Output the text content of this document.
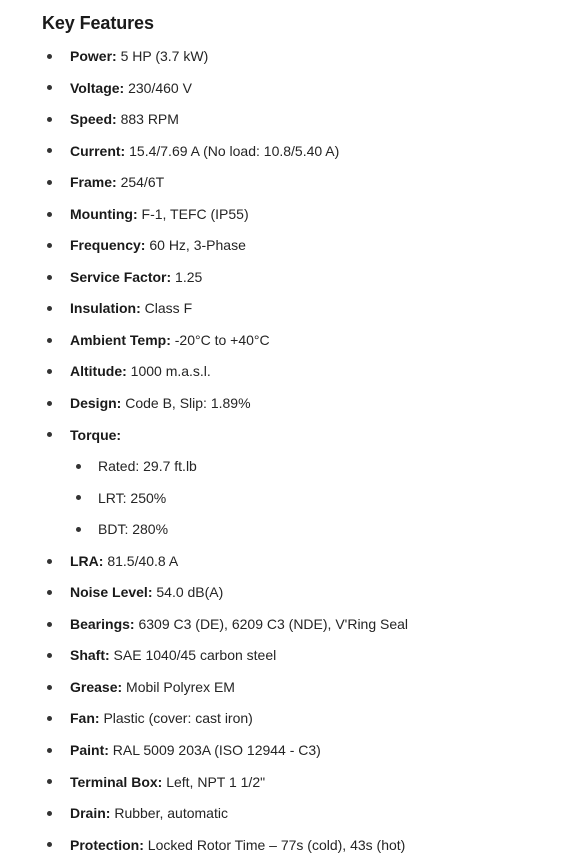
Key Features
Power: 5 HP (3.7 kW)
Voltage: 230/460 V
Speed: 883 RPM
Current: 15.4/7.69 A (No load: 10.8/5.40 A)
Frame: 254/6T
Mounting: F-1, TEFC (IP55)
Frequency: 60 Hz, 3-Phase
Service Factor: 1.25
Insulation: Class F
Ambient Temp: -20°C to +40°C
Altitude: 1000 m.a.s.l.
Design: Code B, Slip: 1.89%
Torque:
Rated: 29.7 ft.lb
LRT: 250%
BDT: 280%
LRA: 81.5/40.8 A
Noise Level: 54.0 dB(A)
Bearings: 6309 C3 (DE), 6209 C3 (NDE), V'Ring Seal
Shaft: SAE 1040/45 carbon steel
Grease: Mobil Polyrex EM
Fan: Plastic (cover: cast iron)
Paint: RAL 5009 203A (ISO 12944 - C3)
Terminal Box: Left, NPT 1 1/2"
Drain: Rubber, automatic
Protection: Locked Rotor Time – 77s (cold), 43s (hot)
